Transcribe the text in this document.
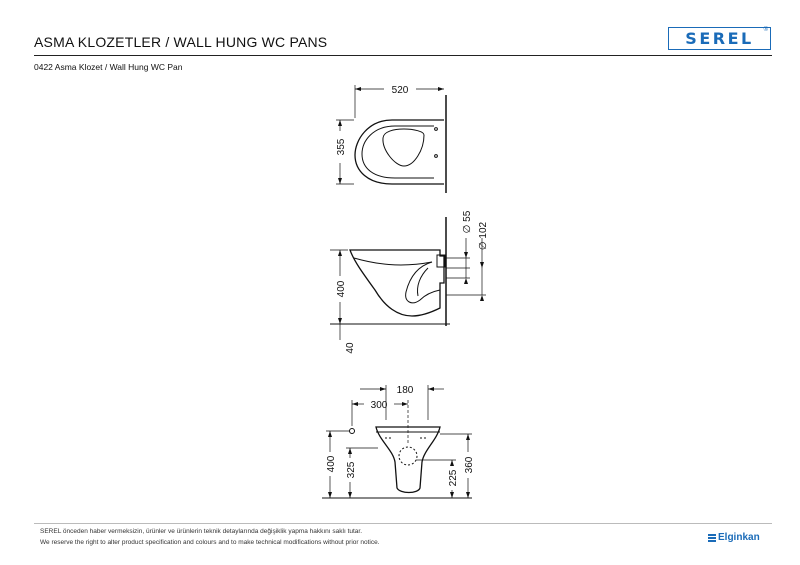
ASMA KLOZETLER / WALL HUNG WC PANS	SEREL ®
0422 Asma Klozet / Wall Hung WC Pan
520
355
∅ 55 ∅ 102
400
40
180
300
400 325	360
225
SEREL önceden haber vermeksizin, ürünler ve ürünlerin teknik detaylarında değişiklik yapma hakkını saklı tutar.
We reserve the right to alter product specification and colours and to make technical modifications without prior notice.	Elginkan
